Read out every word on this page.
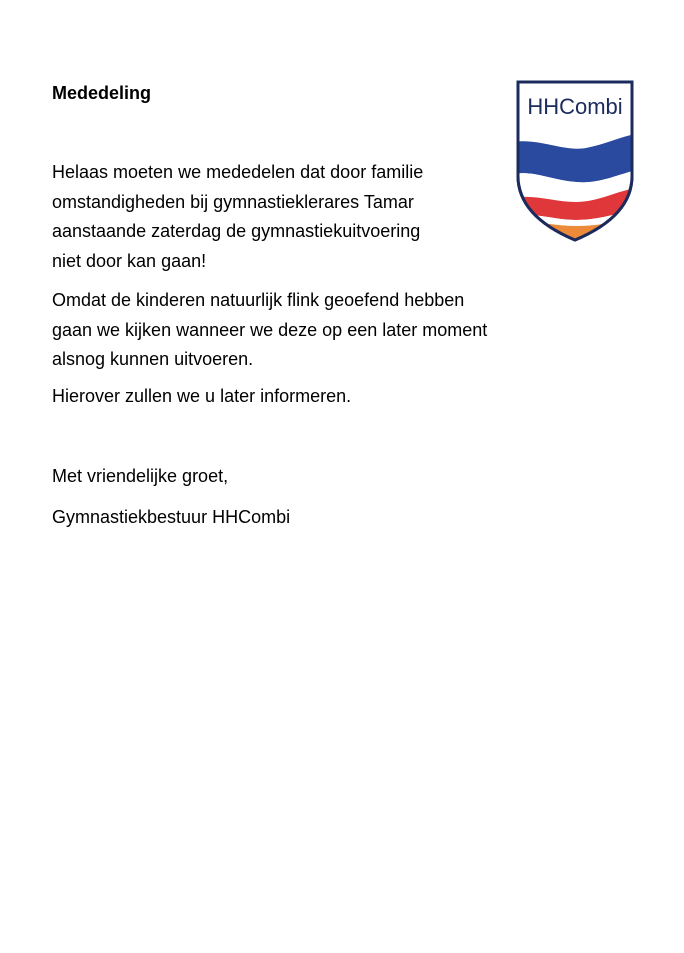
Mededeling

Helaas moeten we mededelen dat door familie
omstandigheden bij gymnastieklerares Tamar
aanstaande zaterdag de gymnastiekuitvoering
niet door kan gaan!

Omdat de kinderen natuurlijk flink geoefend hebben
gaan we kijken wanneer we deze op een later moment
alsnog kunnen uitvoeren.

Hierover zullen we u later informeren.

Met vriendelijke groet,

Gymnastiekbestuur HHCombi

HHCombi
